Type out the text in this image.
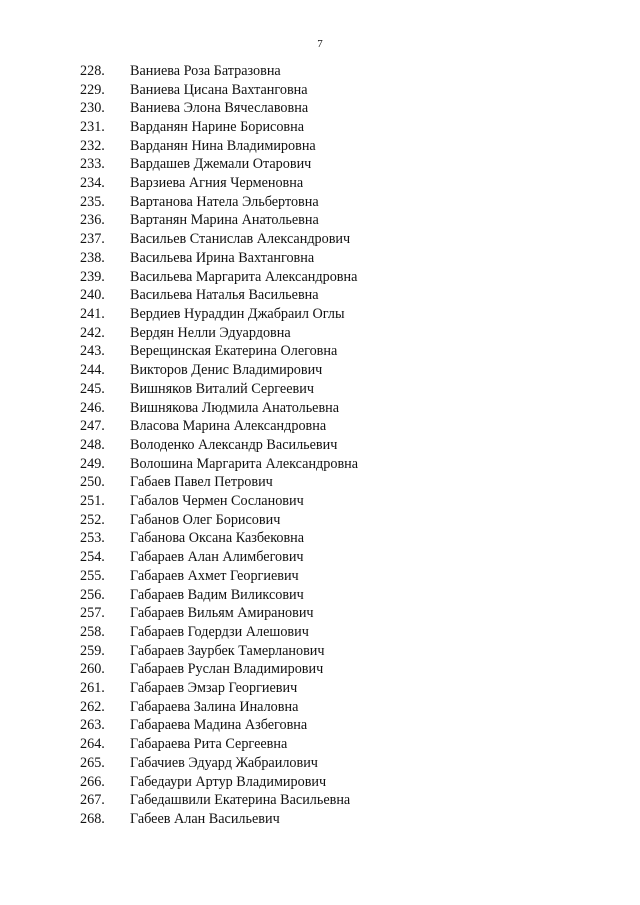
7
228.	Ваниева Роза Батразовна
229.	Ваниева Цисана Вахтанговна
230.	Ваниева Элона Вячеславовна
231.	Варданян Нарине Борисовна
232.	Варданян Нина Владимировна
233.	Вардашев Джемали Отарович
234.	Варзиева Агния Черменовна
235.	Вартанова Натела Эльбертовна
236.	Вартанян Марина Анатольевна
237.	Васильев Станислав Александрович
238.	Васильева Ирина Вахтанговна
239.	Васильева Маргарита Александровна
240.	Васильева Наталья Васильевна
241.	Вердиев Нураддин Джабраил Оглы
242.	Вердян Нелли Эдуардовна
243.	Верещинская Екатерина Олеговна
244.	Викторов Денис Владимирович
245.	Вишняков Виталий Сергеевич
246.	Вишнякова Людмила Анатольевна
247.	Власова Марина Александровна
248.	Володенко Александр Васильевич
249.	Волошина Маргарита Александровна
250.	Габаев Павел Петрович
251.	Габалов Чермен Сосланович
252.	Габанов Олег Борисович
253.	Габанова Оксана Казбековна
254.	Габараев Алан Алимбегович
255.	Габараев Ахмет Георгиевич
256.	Габараев Вадим Виликсович
257.	Габараев Вильям Амиранович
258.	Габараев Годердзи Алешович
259.	Габараев Заурбек Тамерланович
260.	Габараев Руслан Владимирович
261.	Габараев Эмзар Георгиевич
262.	Габараева Залина Иналовна
263.	Габараева Мадина Азбеговна
264.	Габараева Рита Сергеевна
265.	Габачиев Эдуард Жабраилович
266.	Габедаури Артур Владимирович
267.	Габедашвили Екатерина Васильевна
268.	Габеев Алан Васильевич
